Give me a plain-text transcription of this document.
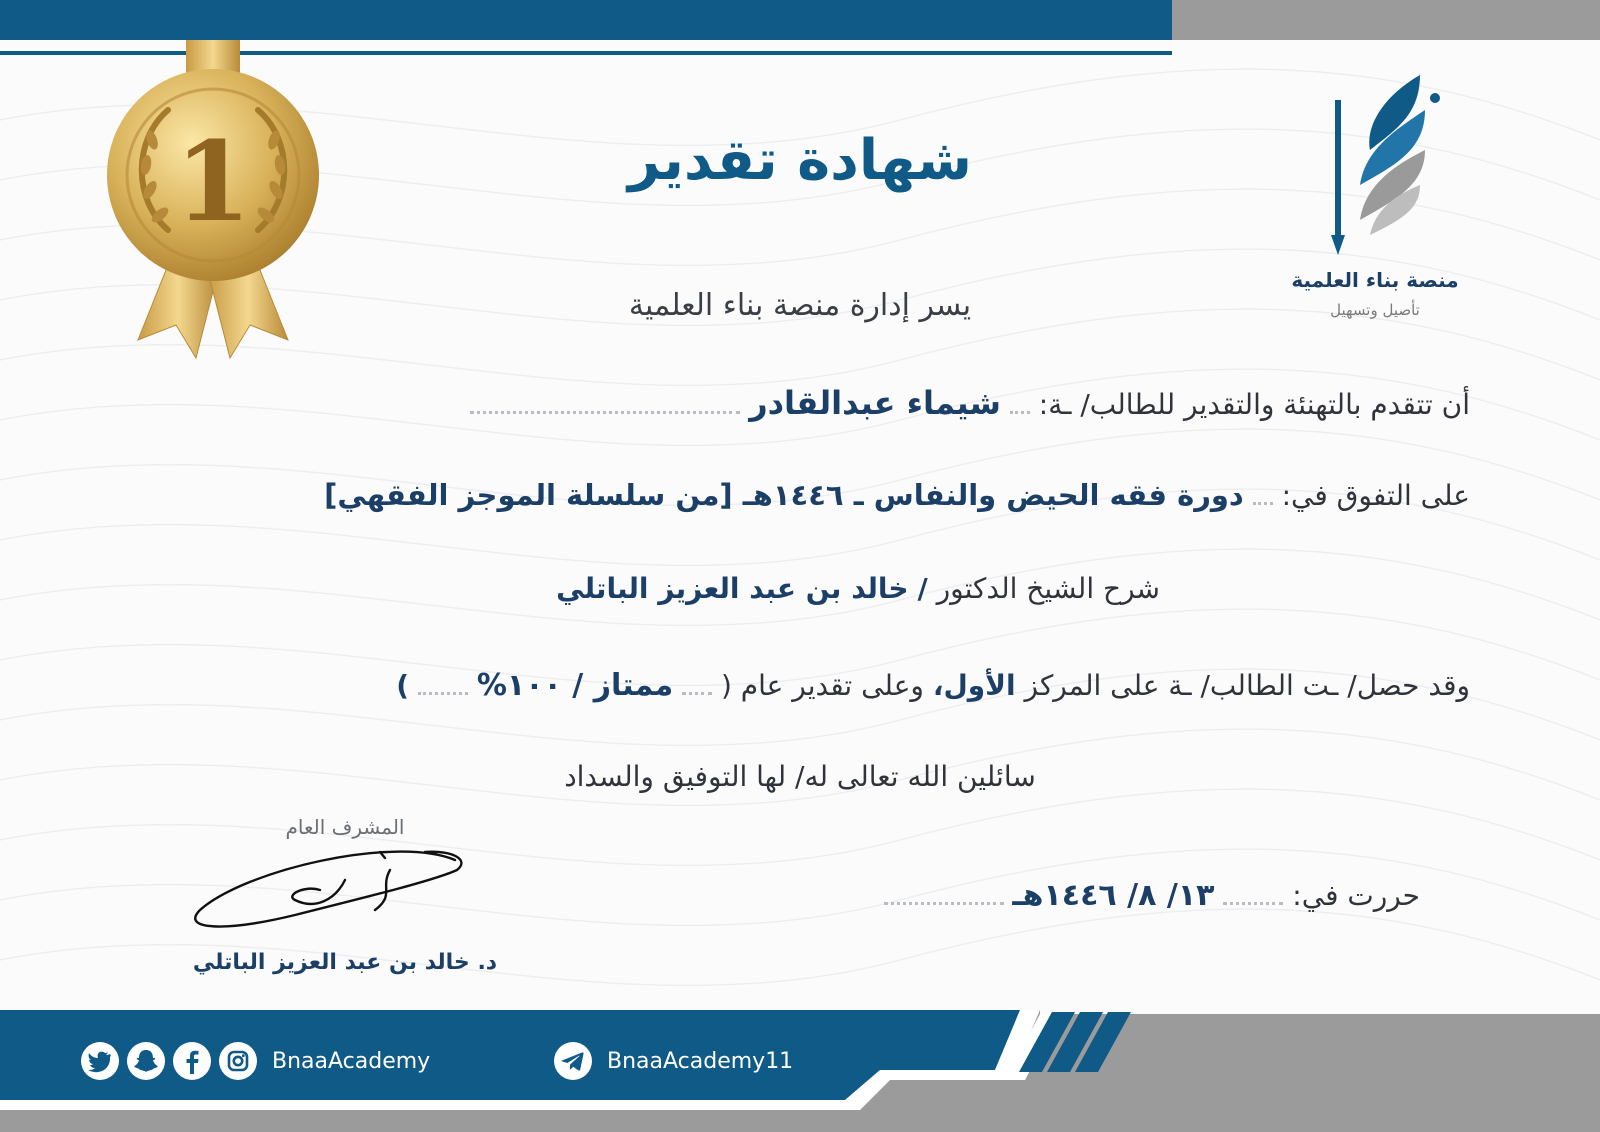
1
منصة بناء العلمية
تأصيل وتسهيل
شهادة تقدير
يسر إدارة منصة بناء العلمية
أن تتقدم بالتهنئة والتقدير للطالب/ ـة:  شيماء عبدالقادر
على التفوق في:  دورة فقه الحيض والنفاس ـ ١٤٤٦هـ [من سلسلة الموجز الفقهي]
شرح الشيخ الدكتور / خالد بن عبد العزيز الباتلي
وقد حصل/ ـت الطالب/ ـة على المركز الأول، وعلى تقدير عام (  ممتاز / ١٠٠%  )
سائلين الله تعالى له/ لها التوفيق والسداد
المشرف العام
د. خالد بن عبد العزيز الباتلي
حررت في:  ١٣/ ٨/ ١٤٤٦هـ
BnaaAcademy	BnaaAcademy11
